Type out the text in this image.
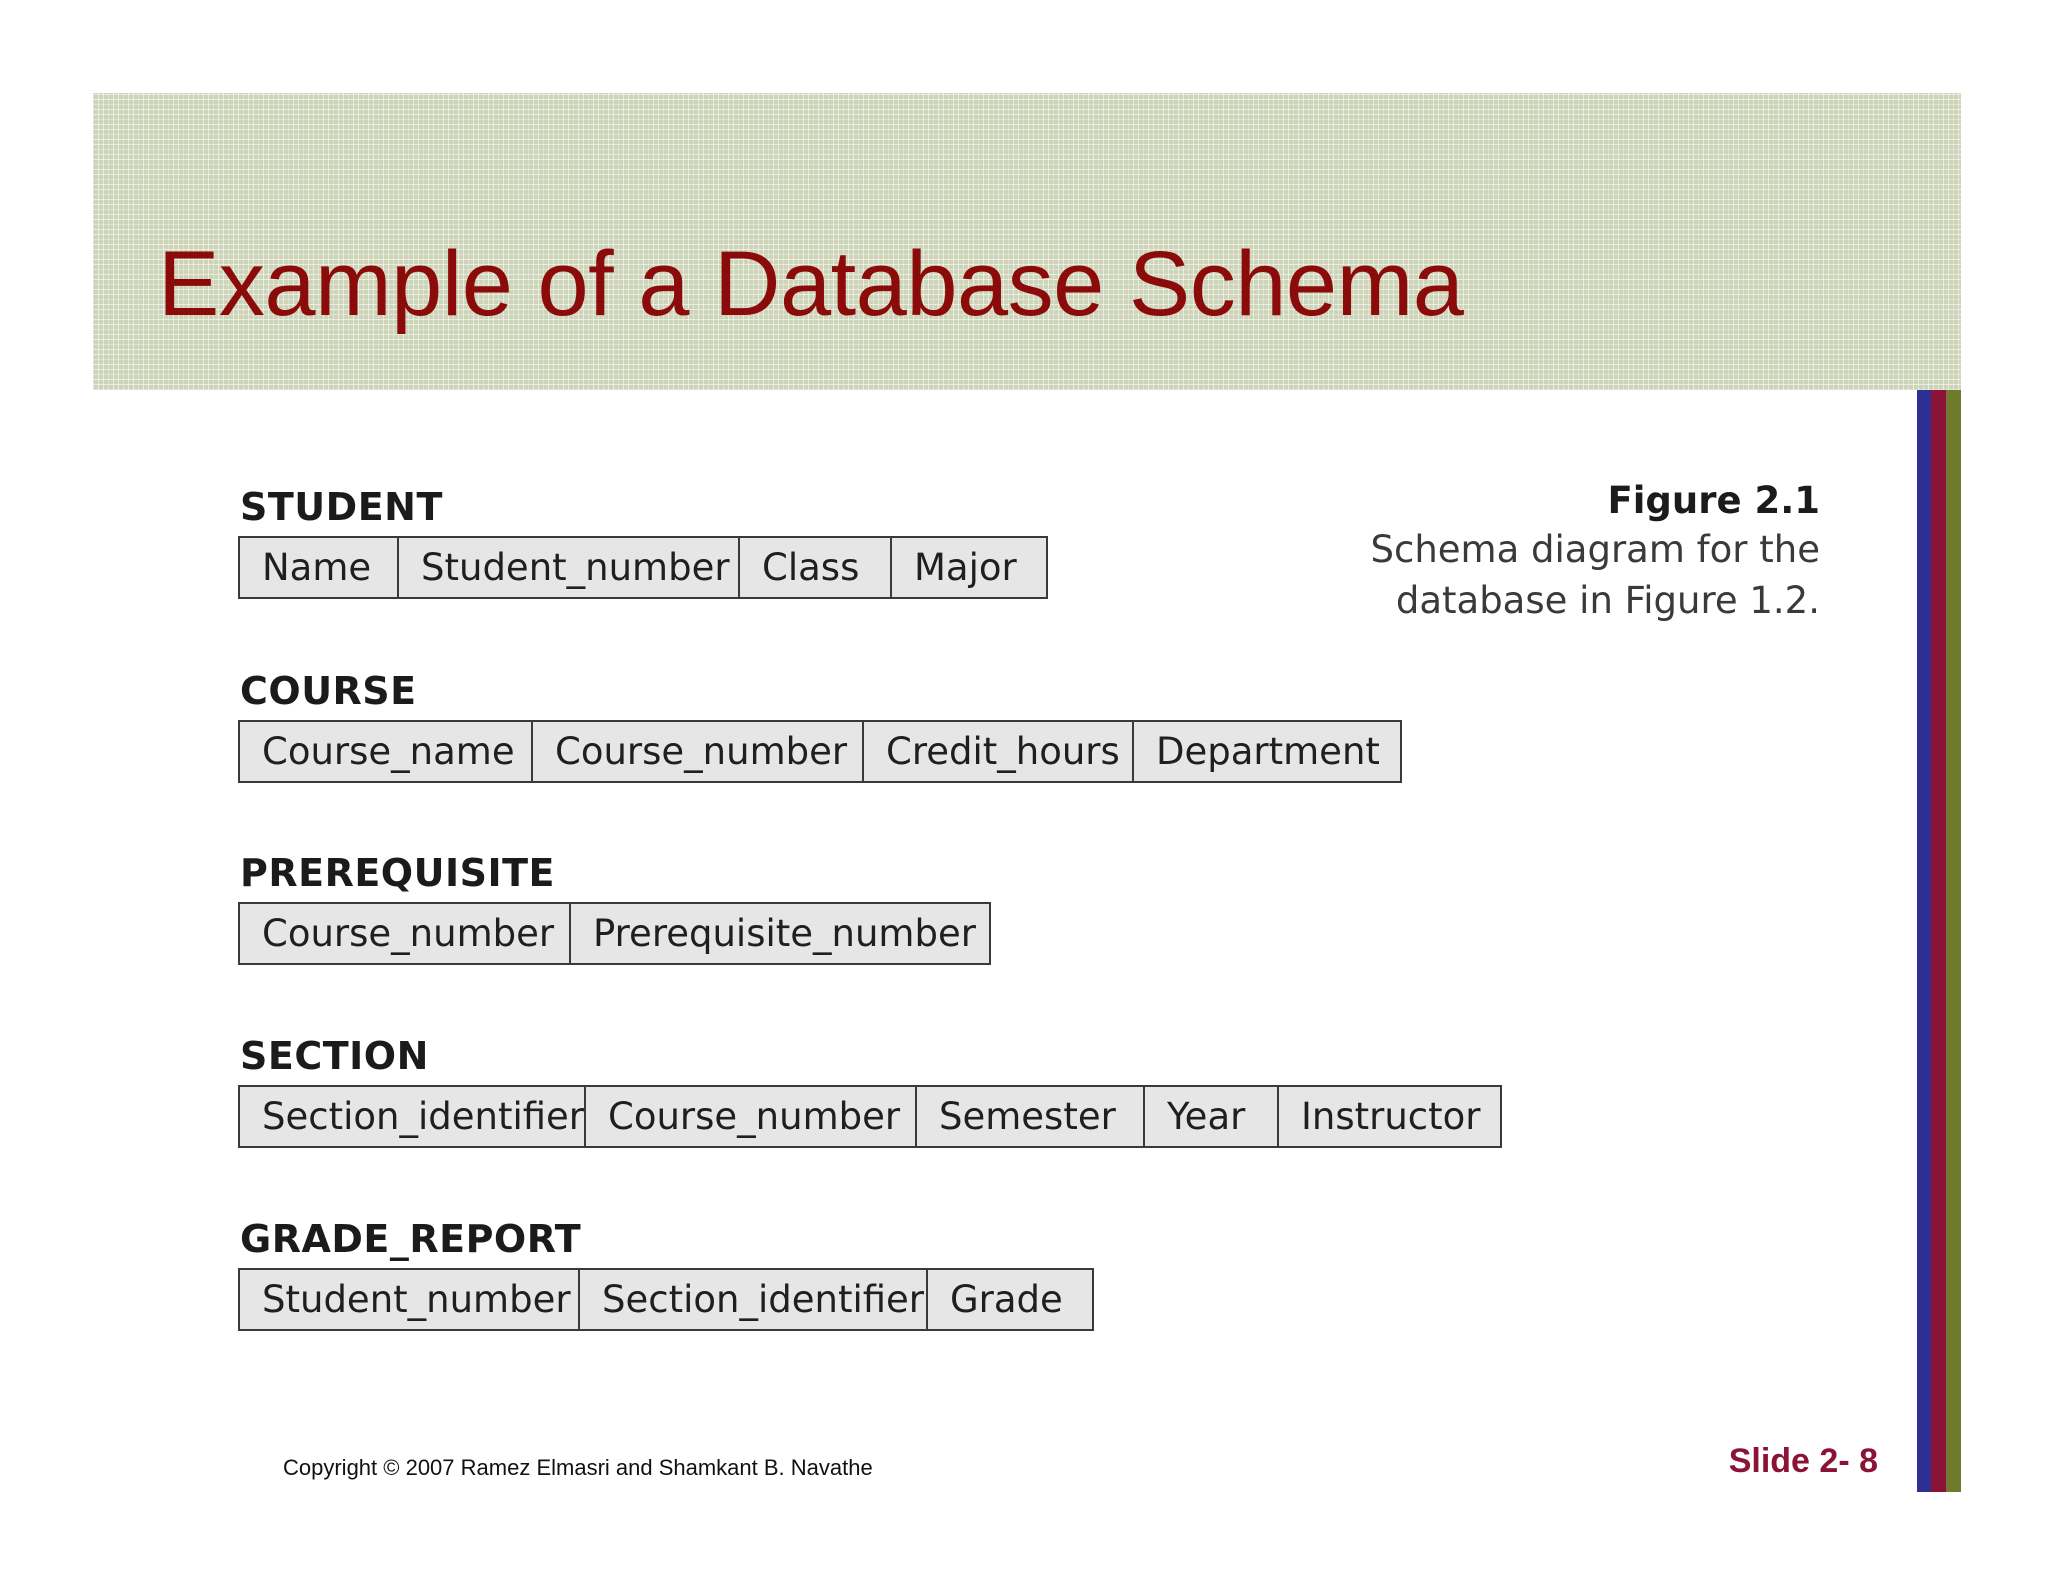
Example of a Database Schema
STUDENT
Name	Student_number Class	Major
COURSE
Course_name	Course_number	Credit_hours Department
PREREQUISITE
Course_number	Prerequisite_number
SECTION
Section_identifier Course_number	Semester	Year	Instructor
GRADE_REPORT
Student_number Section_identifier Grade
Figure 2.1
Schema diagram for the
database in Figure 1.2.
Copyright © 2007 Ramez Elmasri and Shamkant B. Navathe	Slide 2- 8
